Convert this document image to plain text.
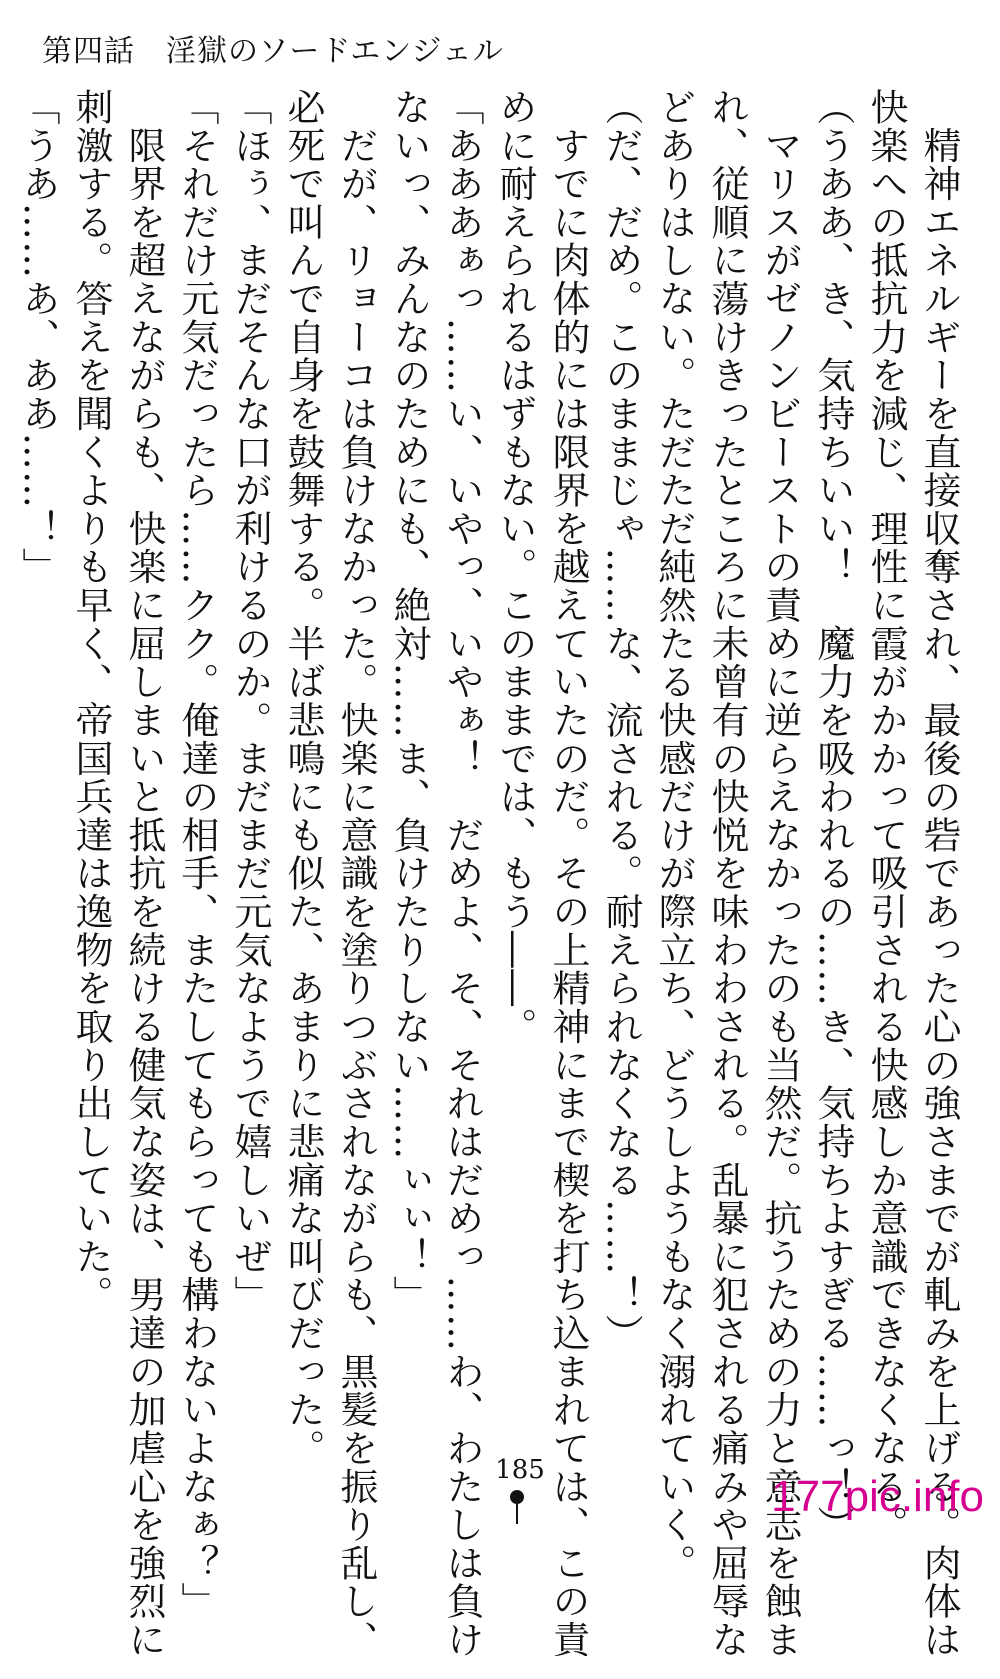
第四話　淫獄のソードエンジェル

　精神エネルギーを直接収奪され、最後の砦であった心の強さまでが軋みを上げる。肉体は快楽への抵抗力を減じ、理性に霞がかかって吸引される快感しか意識できなくなる。

（うああ、き、気持ちいい！　魔力を吸われるの……き、気持ちよすぎる……っ！）

　マリスがゼノンビーストの責めに逆らえなかったのも当然だ。抗うための力と意志を蝕まれ、従順に蕩けきったところに未曾有の快悦を味わわされる。乱暴に犯される痛みや屈辱などありはしない。ただただ純然たる快感だけが際立ち、どうしようもなく溺れていく。

（だ、だめ。このままじゃ……な、流される。耐えられなくなる……！）

　すでに肉体的には限界を越えていたのだ。その上精神にまで楔を打ち込まれては、この責めに耐えられるはずもない。このままでは、もう――。

「あああぁっ……い、いやっ、いやぁ！　だめよ、そ、それはだめっ……わ、わたしは負けないっ、みんなのためにも、絶対……ま、負けたりしない……ぃぃ！」

　だが、リョーコは負けなかった。快楽に意識を塗りつぶされながらも、黒髪を振り乱し、必死で叫んで自身を鼓舞する。半ば悲鳴にも似た、あまりに悲痛な叫びだった。

「ほぅ、まだそんな口が利けるのか。まだまだ元気なようで嬉しいぜ」

「それだけ元気だったら……クク。俺達の相手、またしてもらっても構わないよなぁ？」

　限界を超えながらも、快楽に屈しまいと抵抗を続ける健気な姿は、男達の加虐心を強烈に刺激する。答えを聞くよりも早く、帝国兵達は逸物を取り出していた。

「うあ……あ、ああ……！」

185
177pic.info
